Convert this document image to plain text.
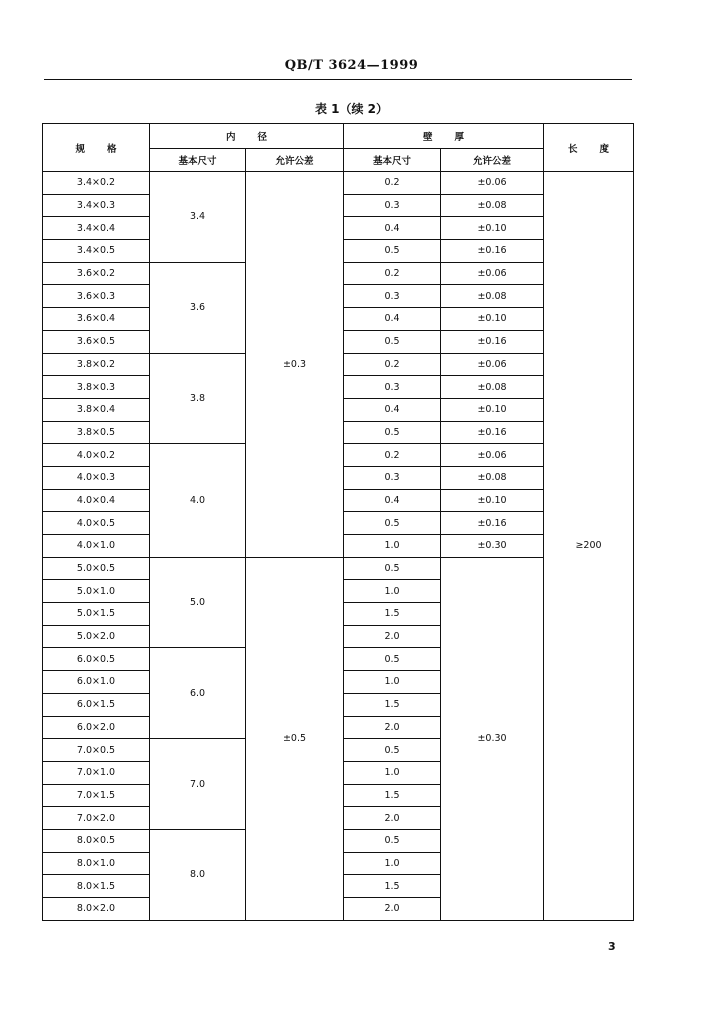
QB/T 3624—1999
表 1（续 2）
规格	内径		壁厚		长度
	基本尺寸	允许公差	基本尺寸	允许公差	
3.4×0.2	3.4	±0.3	0.2	±0.06	≥200
3.4×0.3			0.3	±0.08	
3.4×0.4			0.4	±0.10	
3.4×0.5			0.5	±0.16	
3.6×0.2	3.6		0.2	±0.06	
3.6×0.3			0.3	±0.08	
3.6×0.4			0.4	±0.10	
3.6×0.5			0.5	±0.16	
3.8×0.2	3.8		0.2	±0.06	
3.8×0.3			0.3	±0.08	
3.8×0.4			0.4	±0.10	
3.8×0.5			0.5	±0.16	
4.0×0.2	4.0		0.2	±0.06	
4.0×0.3			0.3	±0.08	
4.0×0.4			0.4	±0.10	
4.0×0.5			0.5	±0.16	
4.0×1.0			1.0	±0.30	
5.0×0.5	5.0	±0.5	0.5	±0.30	
5.0×1.0			1.0		
5.0×1.5			1.5		
5.0×2.0			2.0		
6.0×0.5	6.0		0.5		
6.0×1.0			1.0		
6.0×1.5			1.5		
6.0×2.0			2.0		
7.0×0.5	7.0		0.5		
7.0×1.0			1.0		
7.0×1.5			1.5		
7.0×2.0			2.0		
8.0×0.5	8.0		0.5		
8.0×1.0			1.0		
8.0×1.5			1.5		
8.0×2.0			2.0		
3
